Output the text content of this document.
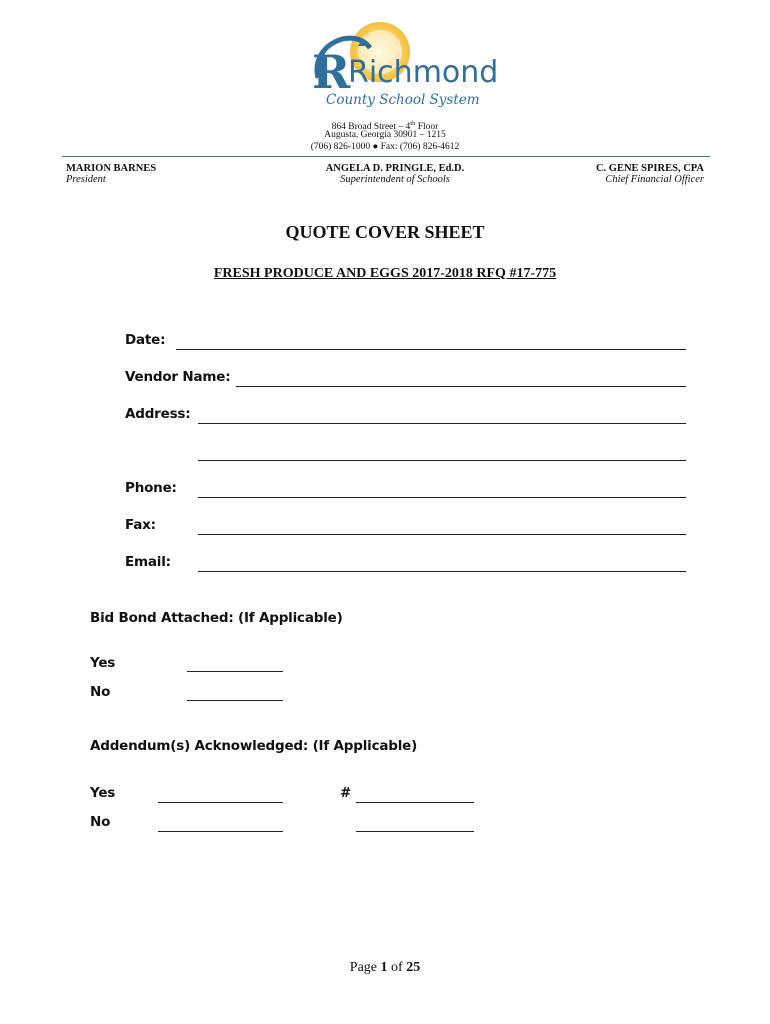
R
Richmond
County School System
864 Broad Street – 4th Floor
Augusta, Georgia 30901 – 1215
(706) 826-1000 ● Fax: (706) 826-4612
MARION BARNES
President
ANGELA D. PRINGLE, Ed.D.
Superintendent of Schools
C. GENE SPIRES, CPA
Chief Financial Officer
QUOTE COVER SHEET
FRESH PRODUCE AND EGGS 2017-2018 RFQ #17-775
Date:
Vendor Name:
Address:
Phone:
Fax:
Email:
Bid Bond Attached: (If Applicable)
Yes
No
Addendum(s) Acknowledged: (If Applicable)
Yes	#
No
Page 1 of 25
